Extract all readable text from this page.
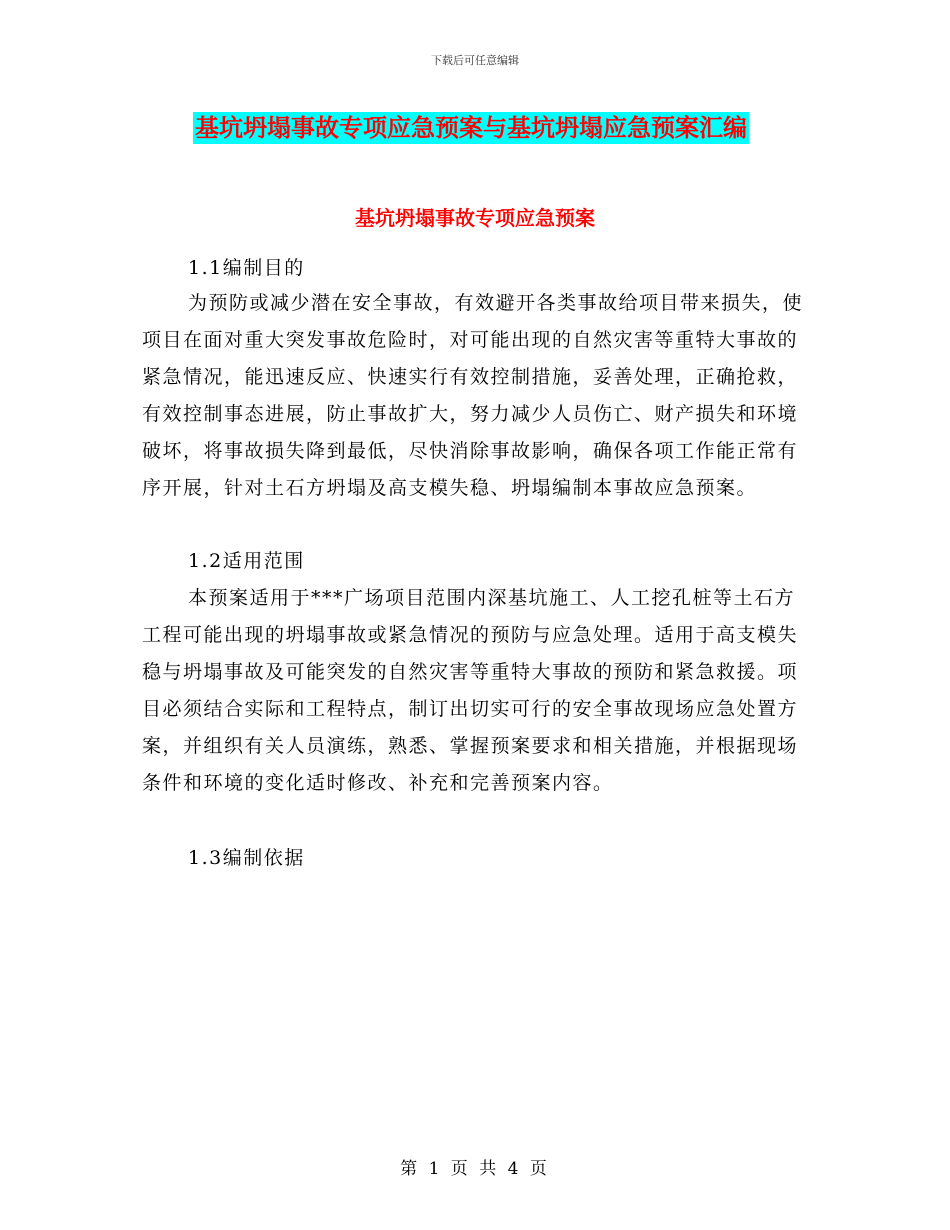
下载后可任意编辑
基坑坍塌事故专项应急预案与基坑坍塌应急预案汇编
基坑坍塌事故专项应急预案
1.1编制目的
为预防或减少潜在安全事故，有效避开各类事故给项目带来损失，使项目在面对重大突发事故危险时，对可能出现的自然灾害等重特大事故的紧急情况，能迅速反应、快速实行有效控制措施，妥善处理，正确抢救，有效控制事态进展，防止事故扩大，努力减少人员伤亡、财产损失和环境破坏，将事故损失降到最低，尽快消除事故影响，确保各项工作能正常有序开展，针对土石方坍塌及高支模失稳、坍塌编制本事故应急预案。
1.2适用范围
本预案适用于***广场项目范围内深基坑施工、人工挖孔桩等土石方工程可能出现的坍塌事故或紧急情况的预防与应急处理。适用于高支模失稳与坍塌事故及可能突发的自然灾害等重特大事故的预防和紧急救援。项目必须结合实际和工程特点，制订出切实可行的安全事故现场应急处置方案，并组织有关人员演练，熟悉、掌握预案要求和相关措施，并根据现场条件和环境的变化适时修改、补充和完善预案内容。
1.3编制依据
第 1 页 共 4 页
